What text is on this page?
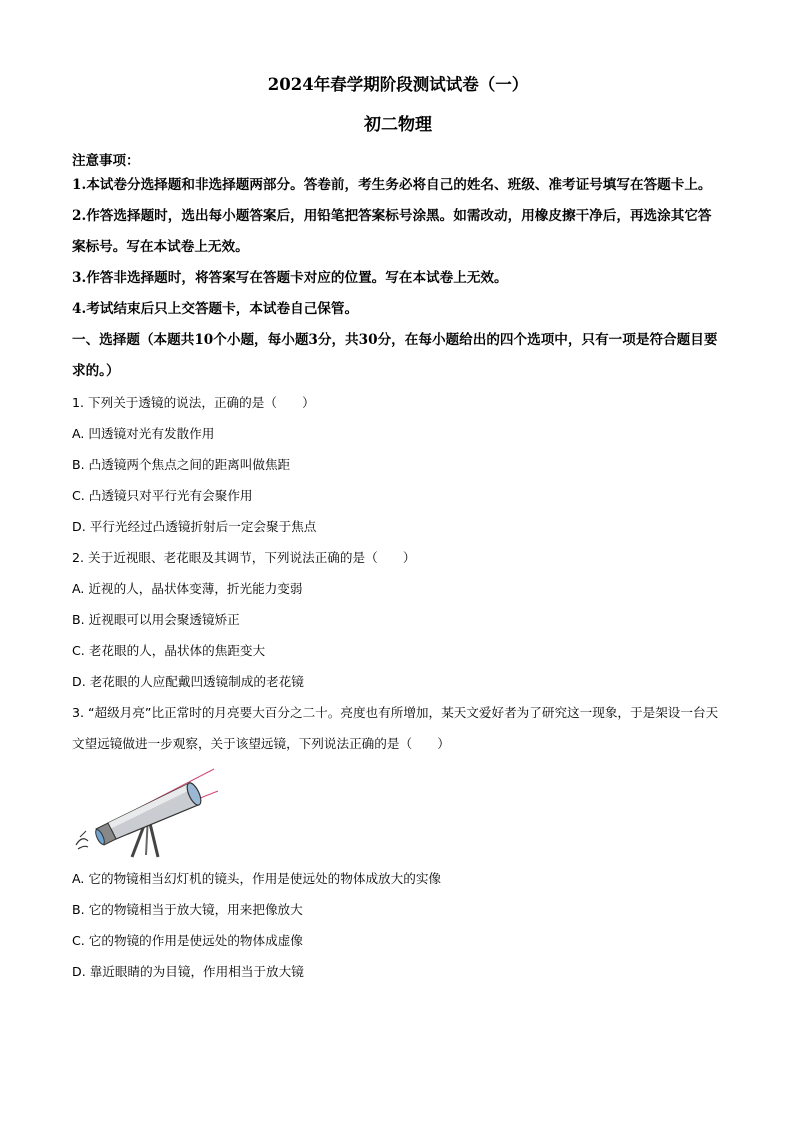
2024年春学期阶段测试试卷（一）
初二物理
注意事项：
1.本试卷分选择题和非选择题两部分。答卷前，考生务必将自己的姓名、班级、准考证号填写在答题卡上。
2.作答选择题时，选出每小题答案后，用铅笔把答案标号涂黑。如需改动，用橡皮擦干净后，再选涂其它答案标号。写在本试卷上无效。
3.作答非选择题时，将答案写在答题卡对应的位置。写在本试卷上无效。
4.考试结束后只上交答题卡，本试卷自己保管。
一、选择题（本题共10个小题，每小题3分，共30分，在每小题给出的四个选项中，只有一项是符合题目要求的。）
1. 下列关于透镜的说法，正确的是（　　）
A. 凹透镜对光有发散作用
B. 凸透镜两个焦点之间的距离叫做焦距
C. 凸透镜只对平行光有会聚作用
D. 平行光经过凸透镜折射后一定会聚于焦点
2. 关于近视眼、老花眼及其调节，下列说法正确的是（　　）
A. 近视的人，晶状体变薄，折光能力变弱
B. 近视眼可以用会聚透镜矫正
C. 老花眼的人，晶状体的焦距变大
D. 老花眼的人应配戴凹透镜制成的老花镜
3. “超级月亮”比正常时的月亮要大百分之二十。亮度也有所增加，某天文爱好者为了研究这一现象，于是架设一台天文望远镜做进一步观察，关于该望远镜，下列说法正确的是（　　）
A. 它的物镜相当幻灯机的镜头，作用是使远处的物体成放大的实像
B. 它的物镜相当于放大镜，用来把像放大
C. 它的物镜的作用是使远处的物体成虚像
D. 靠近眼睛的为目镜，作用相当于放大镜
